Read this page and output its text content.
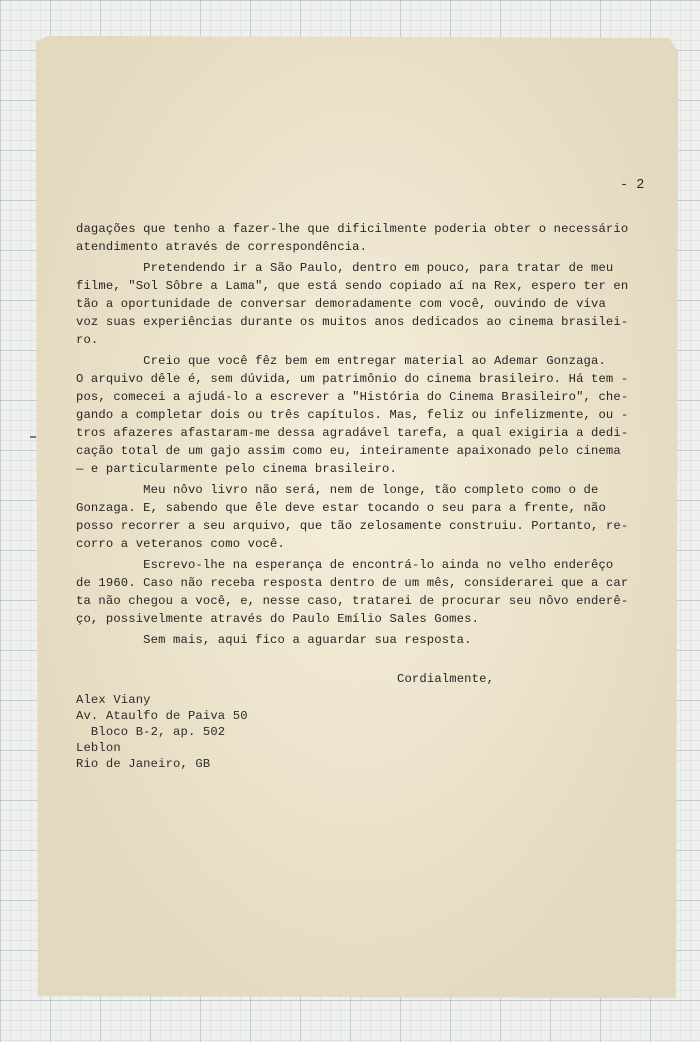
- 2
dagações que tenho a fazer-lhe que dificilmente poderia obter o necessário
atendimento através de correspondência.
Pretendendo ir a São Paulo, dentro em pouco, para tratar de meu
filme, "Sol Sôbre a Lama", que está sendo copiado aí na Rex, espero ter en
tão a oportunidade de conversar demoradamente com você, ouvindo de viva
voz suas experiências durante os muitos anos dedicados ao cinema brasilei-
ro.
Creio que você fêz bem em entregar material ao Ademar Gonzaga.
O arquivo dêle é, sem dúvida, um patrimônio do cinema brasileiro. Há tem -
pos, comecei a ajudá-lo a escrever a "História do Cinema Brasileiro", che-
gando a completar dois ou três capítulos. Mas, feliz ou infelizmente, ou -
tros afazeres afastaram-me dessa agradável tarefa, a qual exigiria a dedi-
cação total de um gajo assim como eu, inteiramente apaixonado pelo cinema
— e particularmente pelo cinema brasileiro.
Meu nôvo livro não será, nem de longe, tão completo como o de
Gonzaga. E, sabendo que êle deve estar tocando o seu para a frente, não
posso recorrer a seu arquivo, que tão zelosamente construiu. Portanto, re-
corro a veteranos como você.
Escrevo-lhe na esperança de encontrá-lo ainda no velho enderêço
de 1960. Caso não receba resposta dentro de um mês, considerarei que a car
ta não chegou a você, e, nesse caso, tratarei de procurar seu nôvo enderê-
ço, possivelmente através do Paulo Emílio Sales Gomes.
Sem mais, aqui fico a aguardar sua resposta.
Cordialmente,
Alex Viany
Av. Ataulfo de Paiva 50
Bloco B-2, ap. 502
Leblon
Rio de Janeiro, GB
